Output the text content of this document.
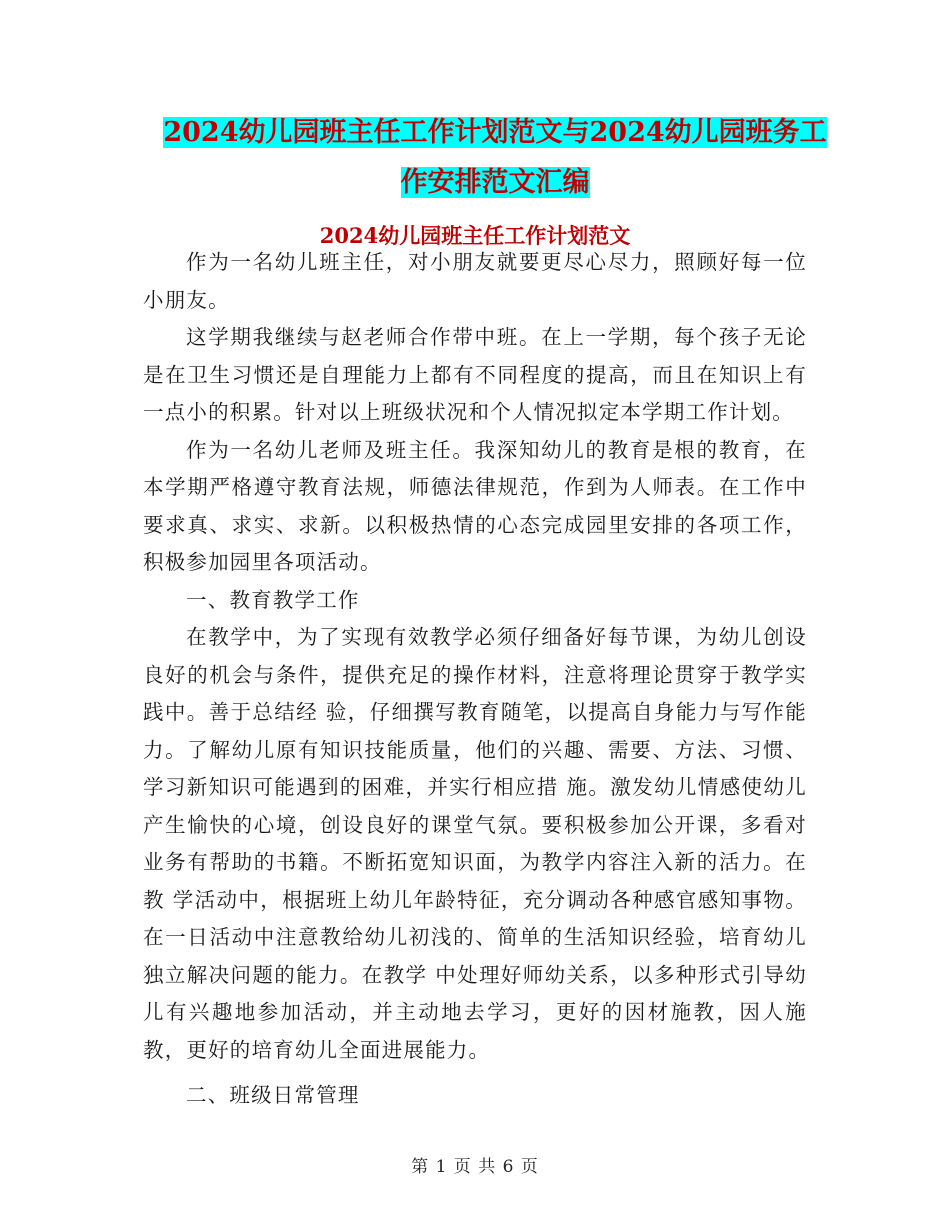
2024幼儿园班主任工作计划范文与2024幼儿园班务工
作安排范文汇编
2024幼儿园班主任工作计划范文

作为一名幼儿班主任，对小朋友就要更尽心尽力，照顾好每一位小朋友。

这学期我继续与赵老师合作带中班。在上一学期，每个孩子无论是在卫生习惯还是自理能力上都有不同程度的提高，而且在知识上有一点小的积累。针对以上班级状况和个人情况拟定本学期工作计划。

作为一名幼儿老师及班主任。我深知幼儿的教育是根的教育，在本学期严格遵守教育法规，师德法律规范，作到为人师表。在工作中要求真、求实、求新。以积极热情的心态完成园里安排的各项工作，积极参加园里各项活动。

一、教育教学工作

在教学中，为了实现有效教学必须仔细备好每节课，为幼儿创设良好的机会与条件，提供充足的操作材料，注意将理论贯穿于教学实践中。善于总结经 验，仔细撰写教育随笔，以提高自身能力与写作能力。了解幼儿原有知识技能质量，他们的兴趣、需要、方法、习惯、学习新知识可能遇到的困难，并实行相应措 施。激发幼儿情感使幼儿产生愉快的心境，创设良好的课堂气氛。要积极参加公开课，多看对业务有帮助的书籍。不断拓宽知识面，为教学内容注入新的活力。在教 学活动中，根据班上幼儿年龄特征，充分调动各种感官感知事物。在一日活动中注意教给幼儿初浅的、简单的生活知识经验，培育幼儿独立解决问题的能力。在教学 中处理好师幼关系，以多种形式引导幼儿有兴趣地参加活动，并主动地去学习，更好的因材施教，因人施教，更好的培育幼儿全面进展能力。

二、班级日常管理

第 1 页 共 6 页
